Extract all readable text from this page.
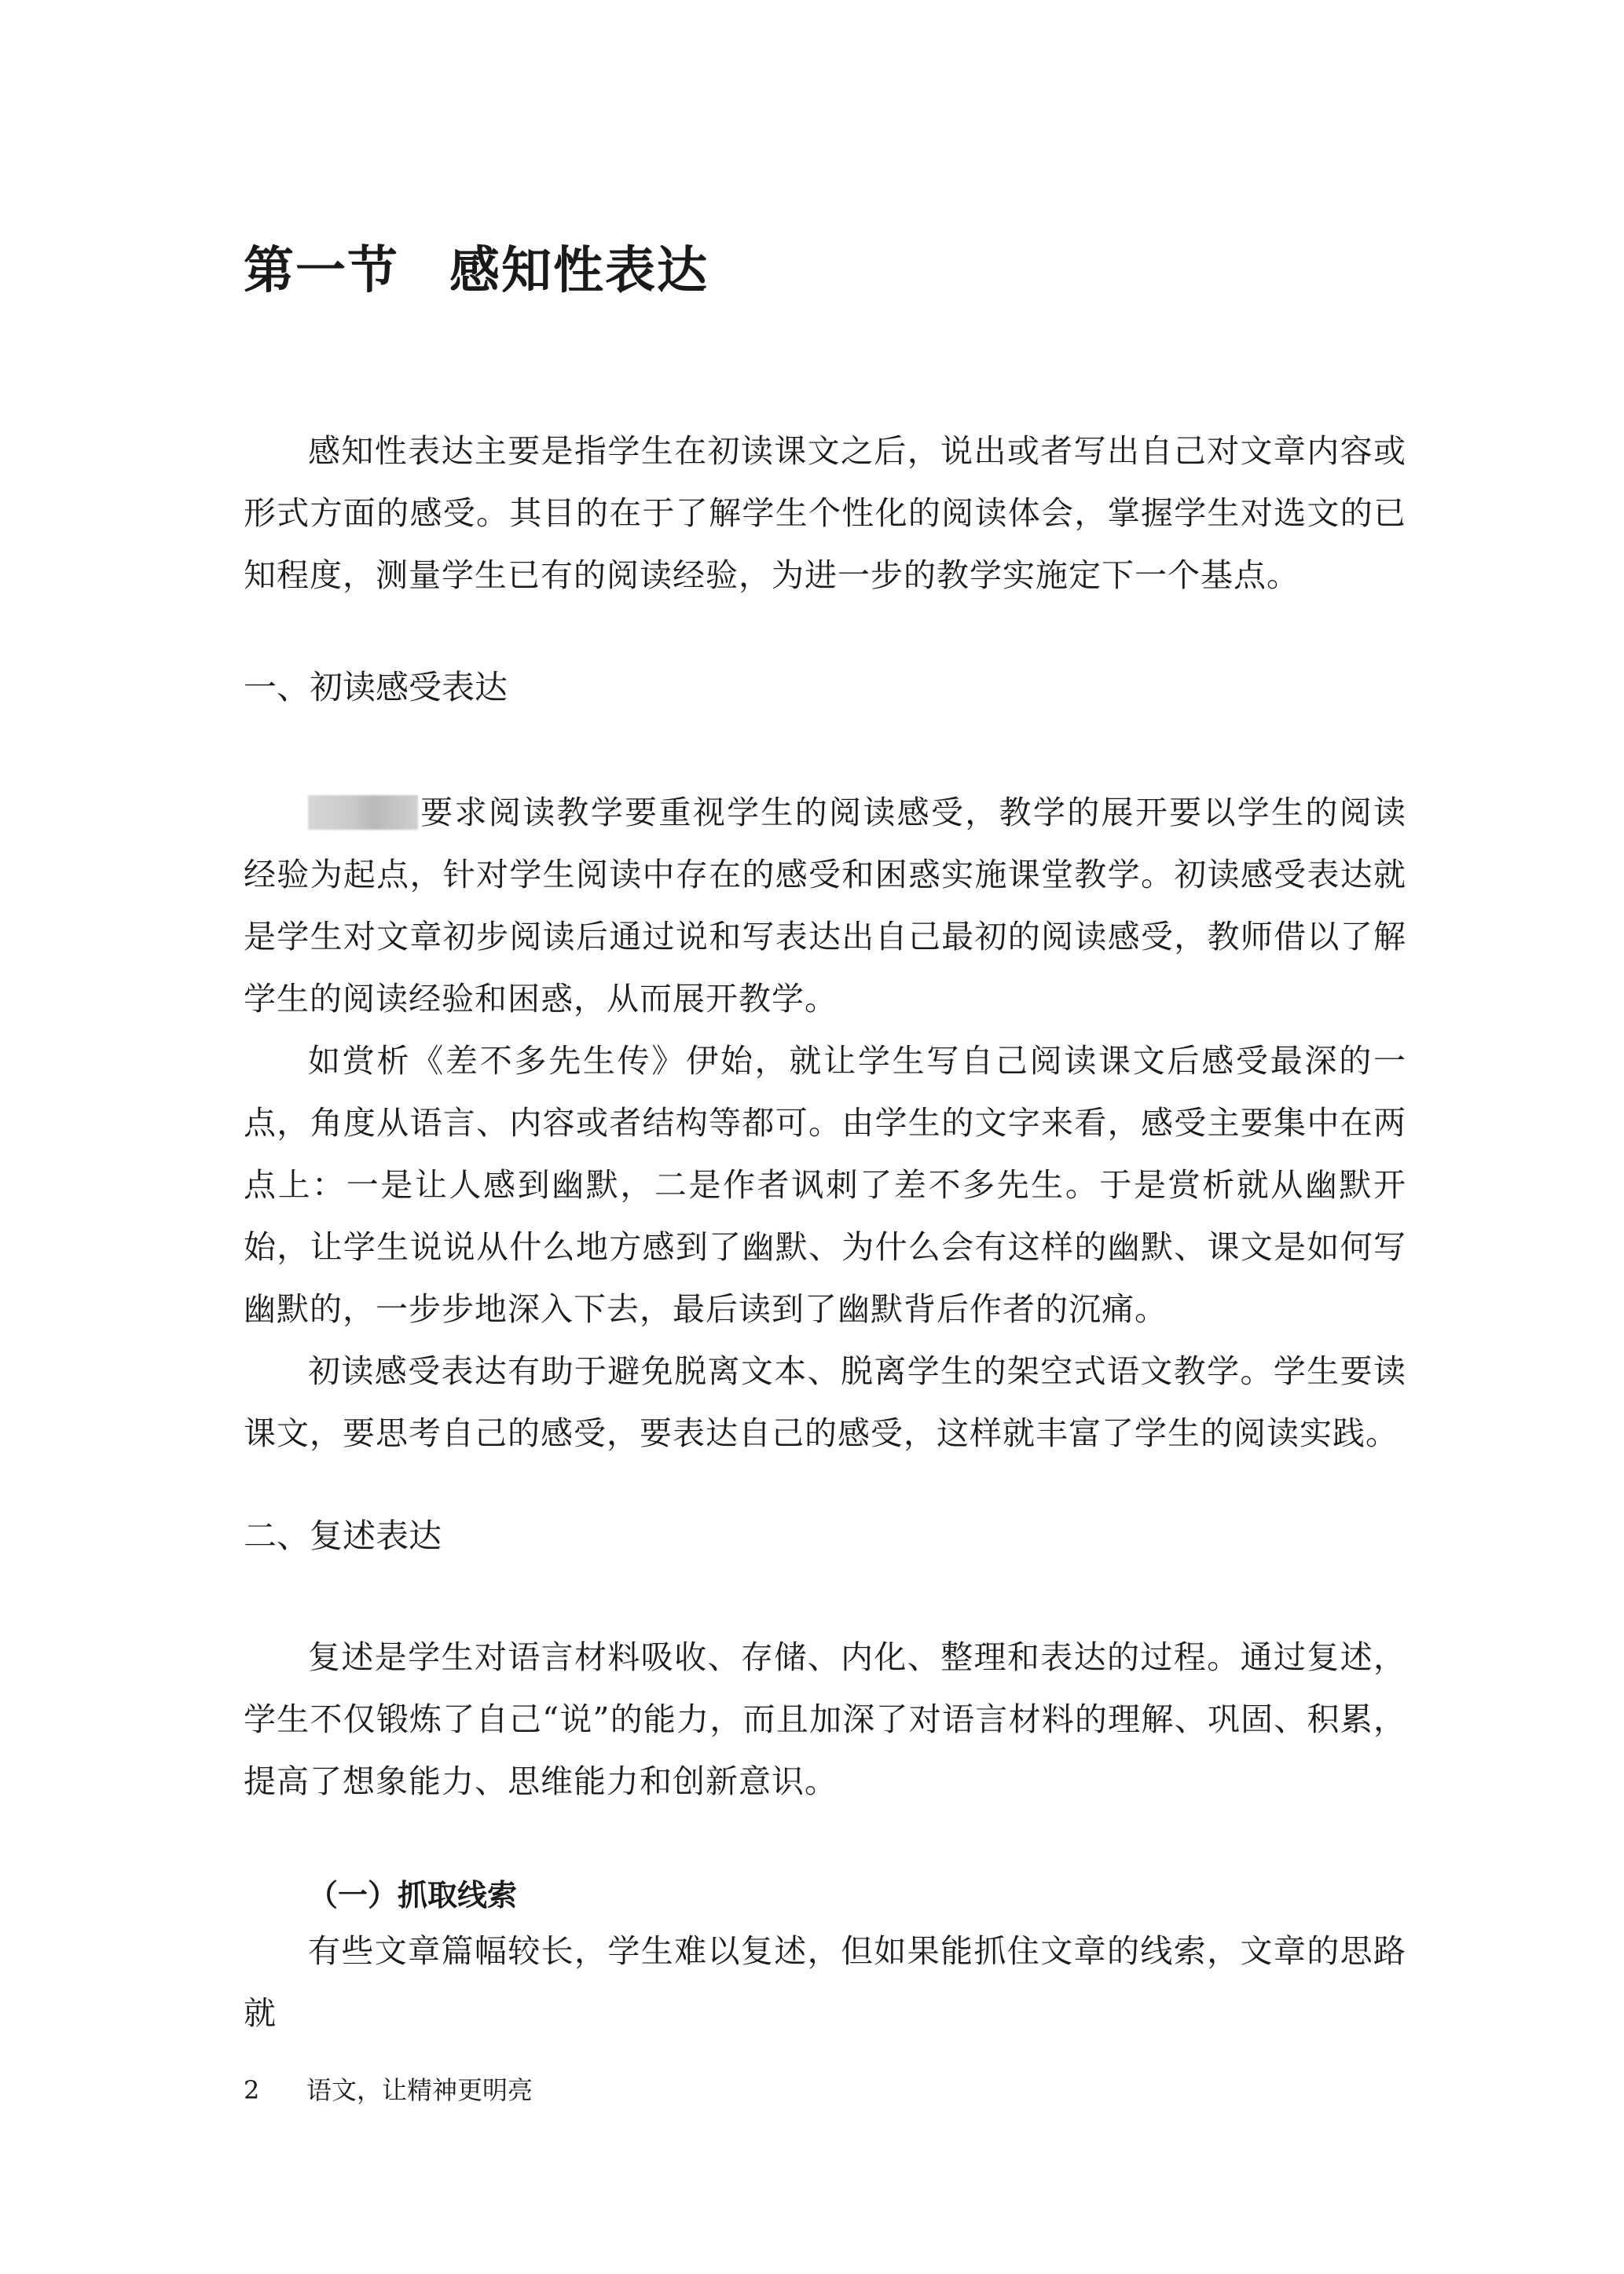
第一节 感知性表达

感知性表达主要是指学生在初读课文之后，说出或者写出自己对文章内容或形式方面的感受。其目的在于了解学生个性化的阅读体会，掌握学生对选文的已知程度，测量学生已有的阅读经验，为进一步的教学实施定下一个基点。

一、初读感受表达

要求阅读教学要重视学生的阅读感受，教学的展开要以学生的阅读经验为起点，针对学生阅读中存在的感受和困惑实施课堂教学。初读感受表达就是学生对文章初步阅读后通过说和写表达出自己最初的阅读感受，教师借以了解学生的阅读经验和困惑，从而展开教学。

如赏析《差不多先生传》伊始，就让学生写自己阅读课文后感受最深的一点，角度从语言、内容或者结构等都可。由学生的文字来看，感受主要集中在两点上：一是让人感到幽默，二是作者讽刺了差不多先生。于是赏析就从幽默开始，让学生说说从什么地方感到了幽默、为什么会有这样的幽默、课文是如何写幽默的，一步步地深入下去，最后读到了幽默背后作者的沉痛。

初读感受表达有助于避免脱离文本、脱离学生的架空式语文教学。学生要读课文，要思考自己的感受，要表达自己的感受，这样就丰富了学生的阅读实践。

二、复述表达

复述是学生对语言材料吸收、存储、内化、整理和表达的过程。通过复述，学生不仅锻炼了自己“说”的能力，而且加深了对语言材料的理解、巩固、积累，提高了想象能力、思维能力和创新意识。

（一）抓取线索

有些文章篇幅较长，学生难以复述，但如果能抓住文章的线索，文章的思路就

2 语文，让精神更明亮
